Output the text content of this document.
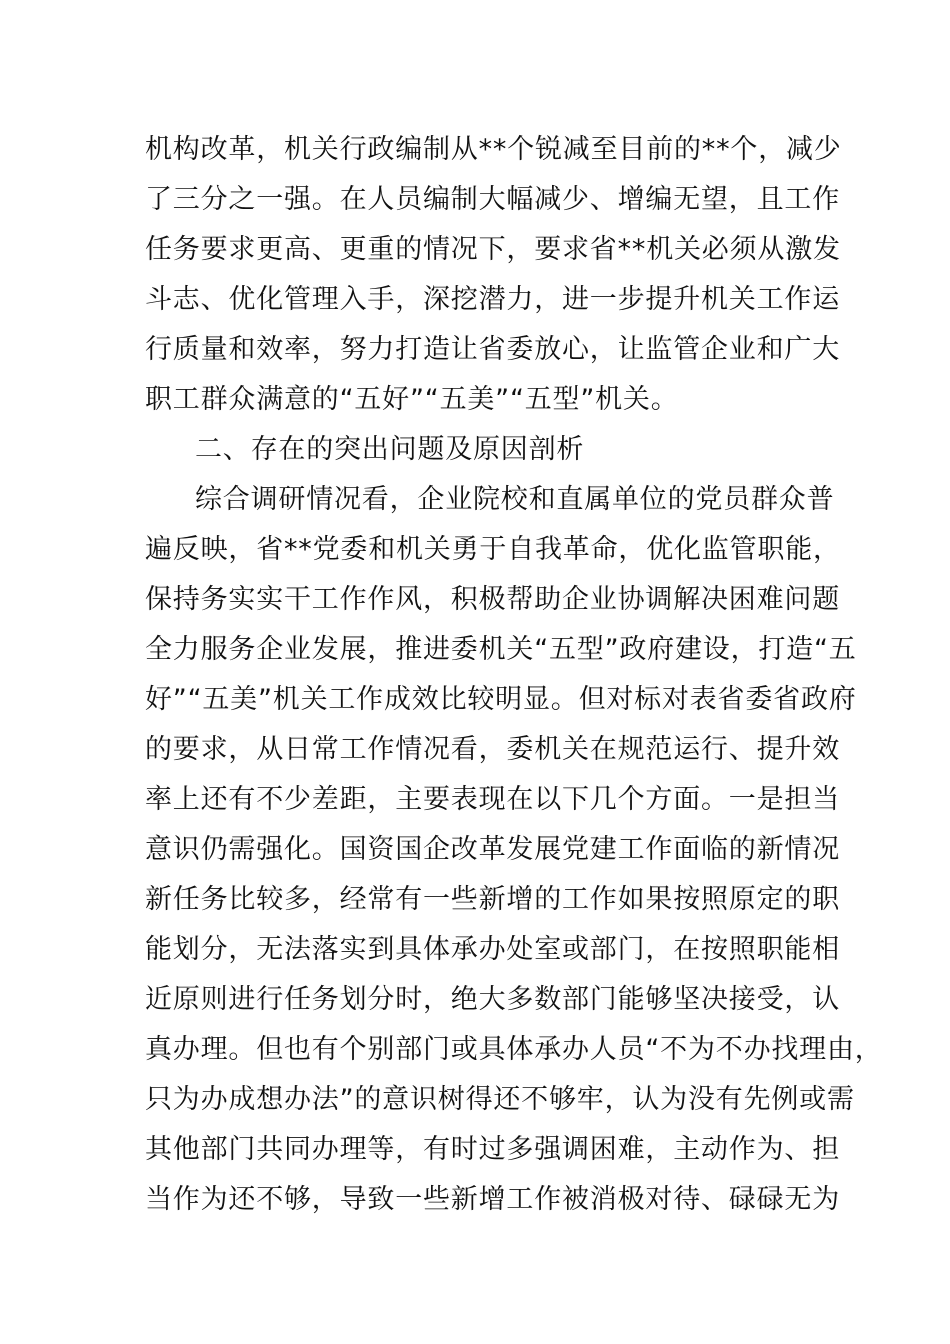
机构改革，机关行政编制从**个锐减至目前的**个，减少
了三分之一强。在人员编制大幅减少、增编无望，且工作
任务要求更高、更重的情况下，要求省**机关必须从激发
斗志、优化管理入手，深挖潜力，进一步提升机关工作运
行质量和效率，努力打造让省委放心，让监管企业和广大
职工群众满意的“五好”“五美”“五型”机关。
二、存在的突出问题及原因剖析
综合调研情况看，企业院校和直属单位的党员群众普
遍反映，省**党委和机关勇于自我革命，优化监管职能，
保持务实实干工作作风，积极帮助企业协调解决困难问题
全力服务企业发展，推进委机关“五型”政府建设，打造“五
好”“五美”机关工作成效比较明显。但对标对表省委省政府
的要求，从日常工作情况看，委机关在规范运行、提升效
率上还有不少差距，主要表现在以下几个方面。一是担当
意识仍需强化。国资国企改革发展党建工作面临的新情况
新任务比较多，经常有一些新增的工作如果按照原定的职
能划分，无法落实到具体承办处室或部门，在按照职能相
近原则进行任务划分时，绝大多数部门能够坚决接受，认
真办理。但也有个别部门或具体承办人员“不为不办找理由，
只为办成想办法”的意识树得还不够牢，认为没有先例或需
其他部门共同办理等，有时过多强调困难，主动作为、担
当作为还不够，导致一些新增工作被消极对待、碌碌无为
